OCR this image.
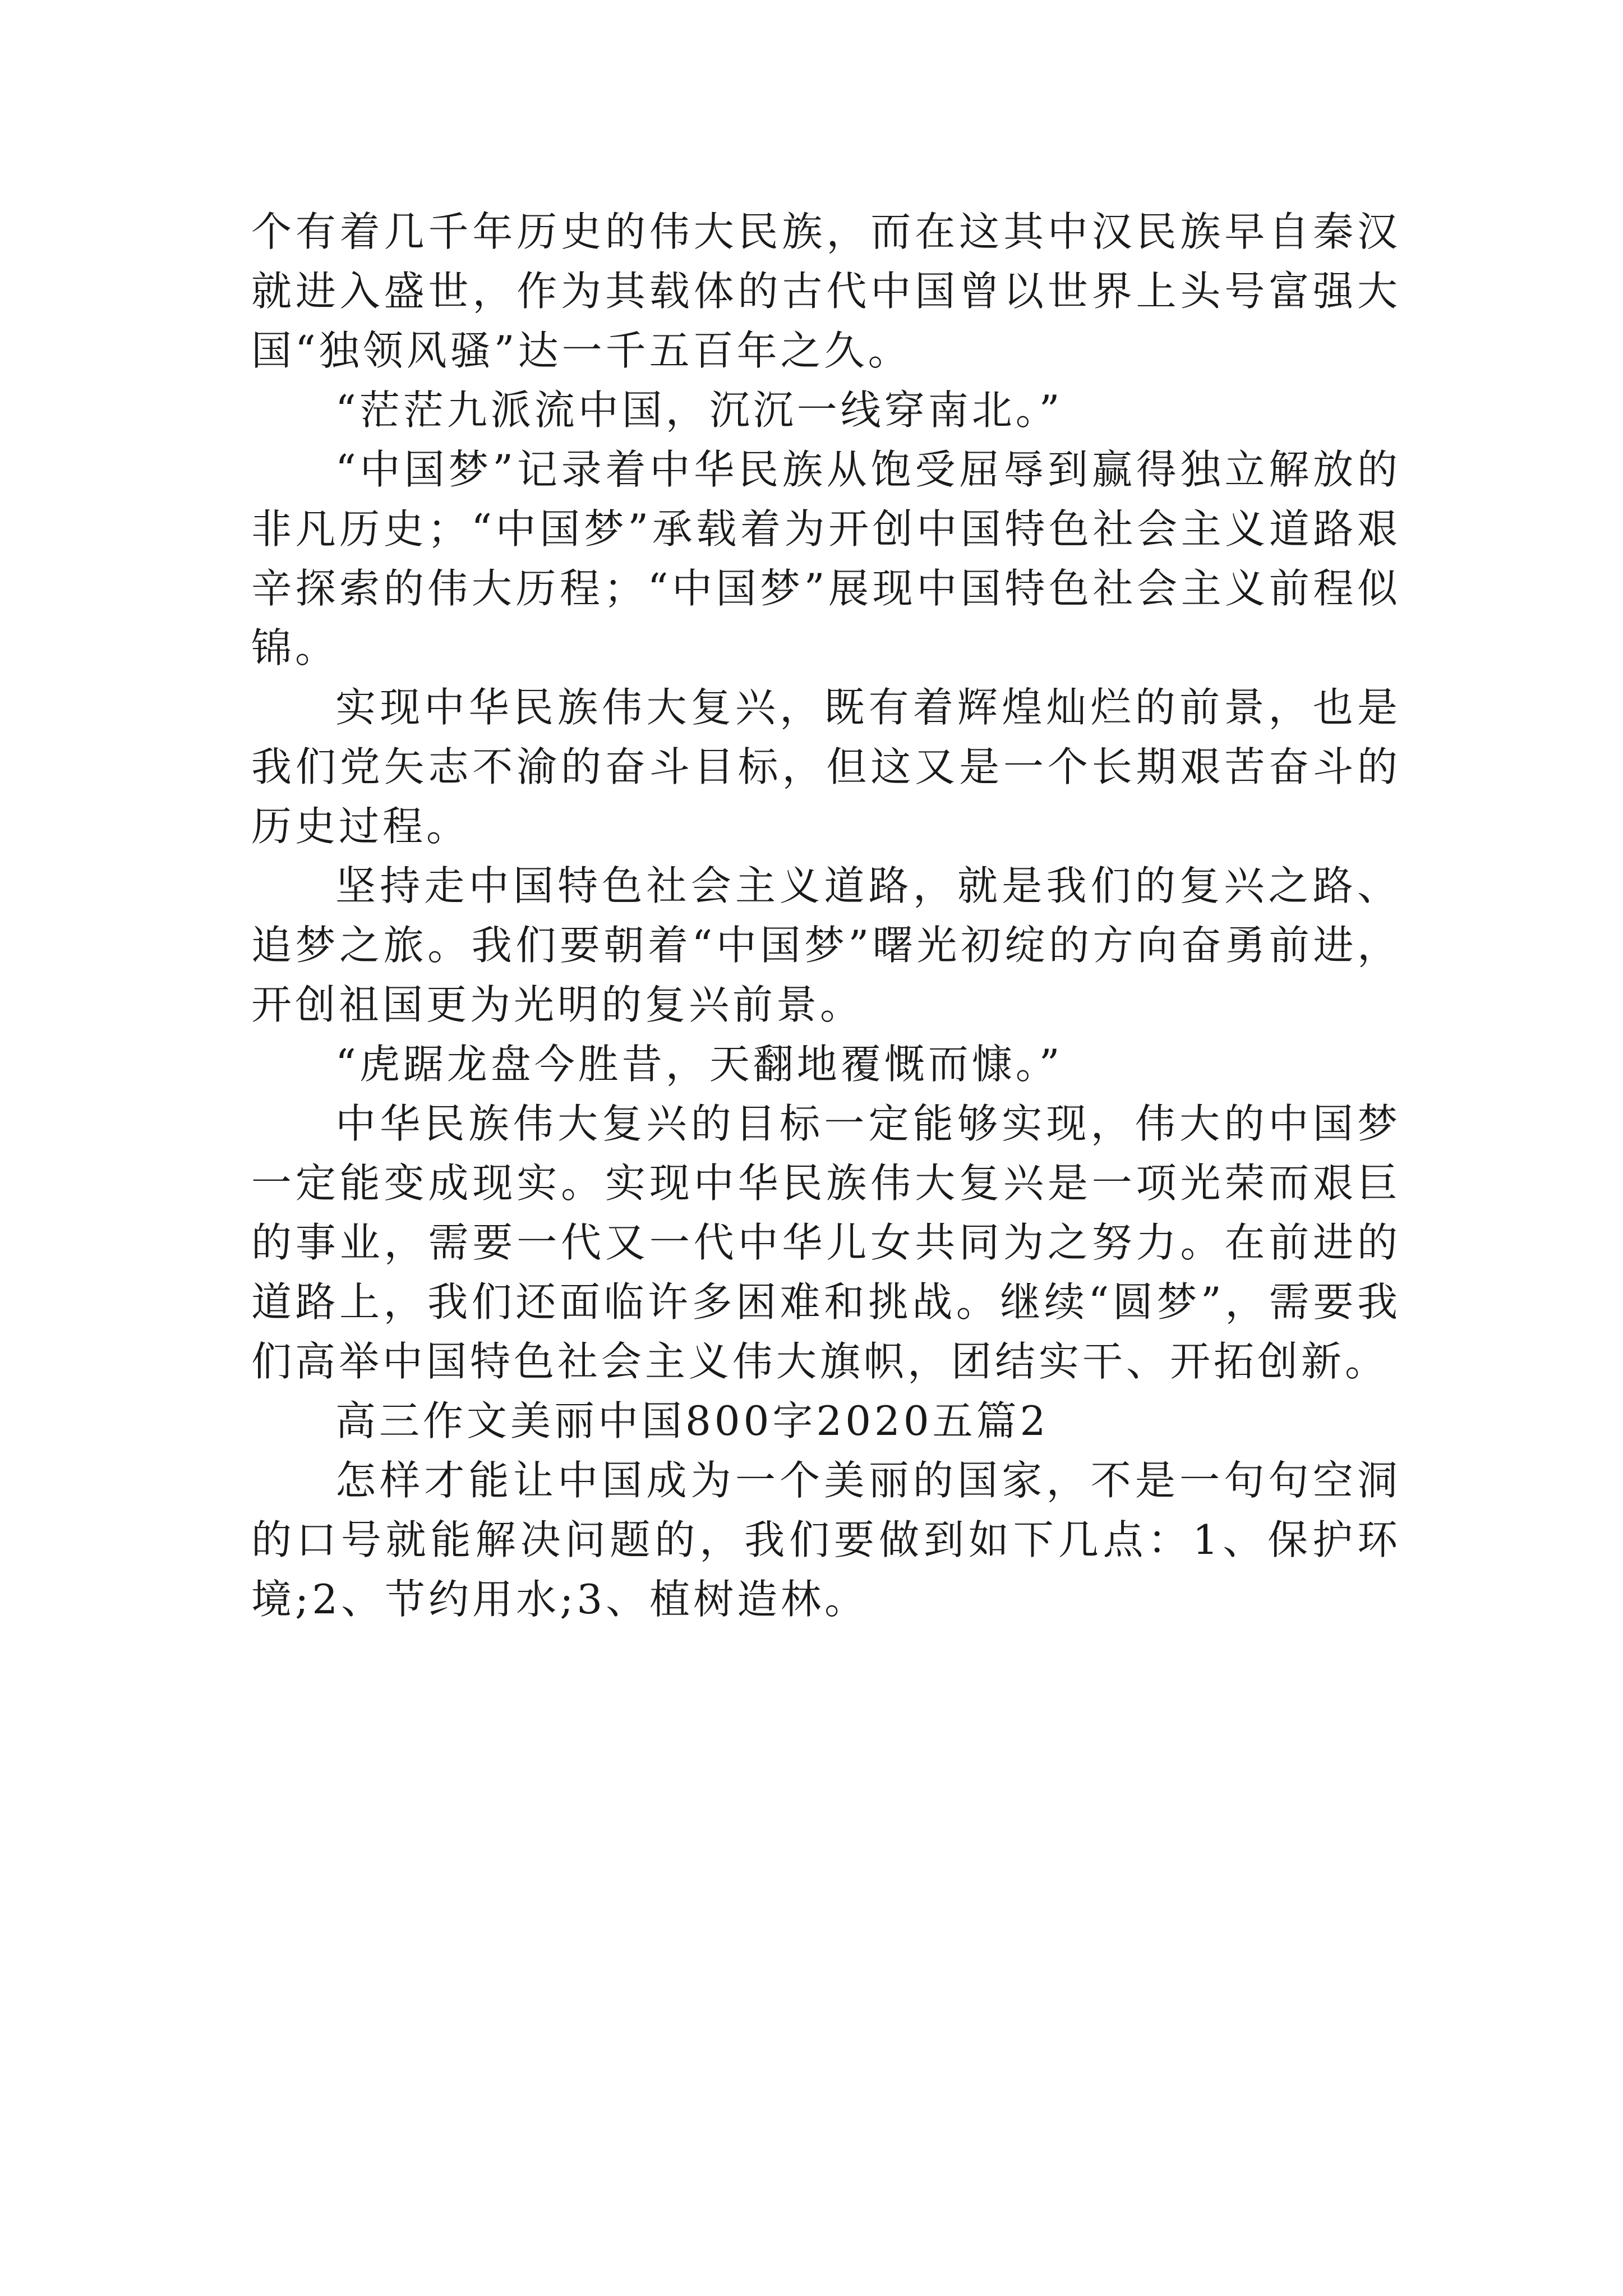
个有着几千年历史的伟大民族，而在这其中汉民族早自秦汉就进入盛世，作为其载体的古代中国曾以世界上头号富强大国“独领风骚”达一千五百年之久。

“茫茫九派流中国，沉沉一线穿南北。”

“中国梦”记录着中华民族从饱受屈辱到赢得独立解放的非凡历史；“中国梦”承载着为开创中国特色社会主义道路艰辛探索的伟大历程；“中国梦”展现中国特色社会主义前程似锦。

实现中华民族伟大复兴，既有着辉煌灿烂的前景，也是我们党矢志不渝的奋斗目标，但这又是一个长期艰苦奋斗的历史过程。

坚持走中国特色社会主义道路，就是我们的复兴之路、追梦之旅。我们要朝着“中国梦”曙光初绽的方向奋勇前进，开创祖国更为光明的复兴前景。

“虎踞龙盘今胜昔，天翻地覆慨而慷。”

中华民族伟大复兴的目标一定能够实现，伟大的中国梦一定能变成现实。实现中华民族伟大复兴是一项光荣而艰巨的事业，需要一代又一代中华儿女共同为之努力。在前进的道路上，我们还面临许多困难和挑战。继续“圆梦”，需要我们高举中国特色社会主义伟大旗帜，团结实干、开拓创新。

高三作文美丽中国800字2020五篇2

怎样才能让中国成为一个美丽的国家，不是一句句空洞的口号就能解决问题的，我们要做到如下几点：1、保护环境;2、节约用水;3、植树造林。
